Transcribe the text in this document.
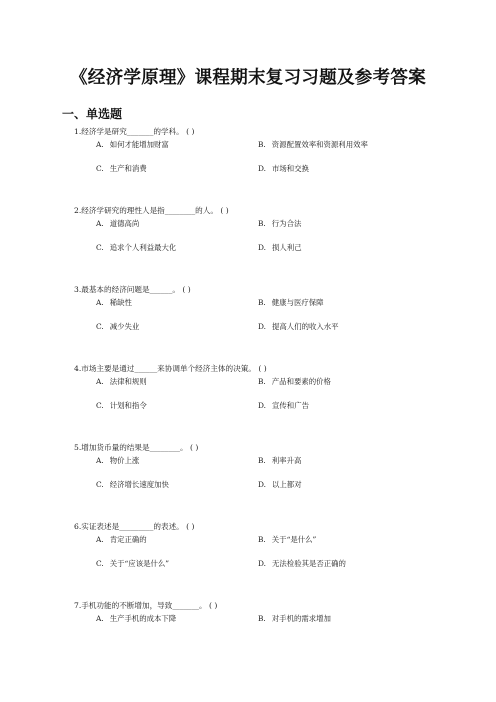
《经济学原理》课程期末复习习题及参考答案
一、单选题

1.经济学是研究_______的学科。 ( )

A. 如何才能增加财富	B. 资源配置效率和资源利用效率
C. 生产和消费	D. 市场和交换

2.经济学研究的理性人是指________的人。 ( )

A. 道德高尚	B. 行为合法
C. 追求个人利益最大化	D. 损人利己

3.最基本的经济问题是______。 ( )

A. 稀缺性	B. 健康与医疗保障
C. 减少失业	D. 提高人们的收入水平

4.市场主要是通过______来协调单个经济主体的决策。 ( )

A. 法律和规则	B. 产品和要素的价格
C. 计划和指令	D. 宣传和广告

5.增加货币量的结果是________。 ( )

A. 物价上涨	B. 利率升高
C. 经济增长速度加快	D. 以上都对

6.实证表述是_________的表述。 ( )

A. 肯定正确的	B. 关于“是什么”
C. 关于“应该是什么”	D. 无法检验其是否正确的

7.手机功能的不断增加，导致_______。 ( )

A. 生产手机的成本下降	B. 对手机的需求增加
